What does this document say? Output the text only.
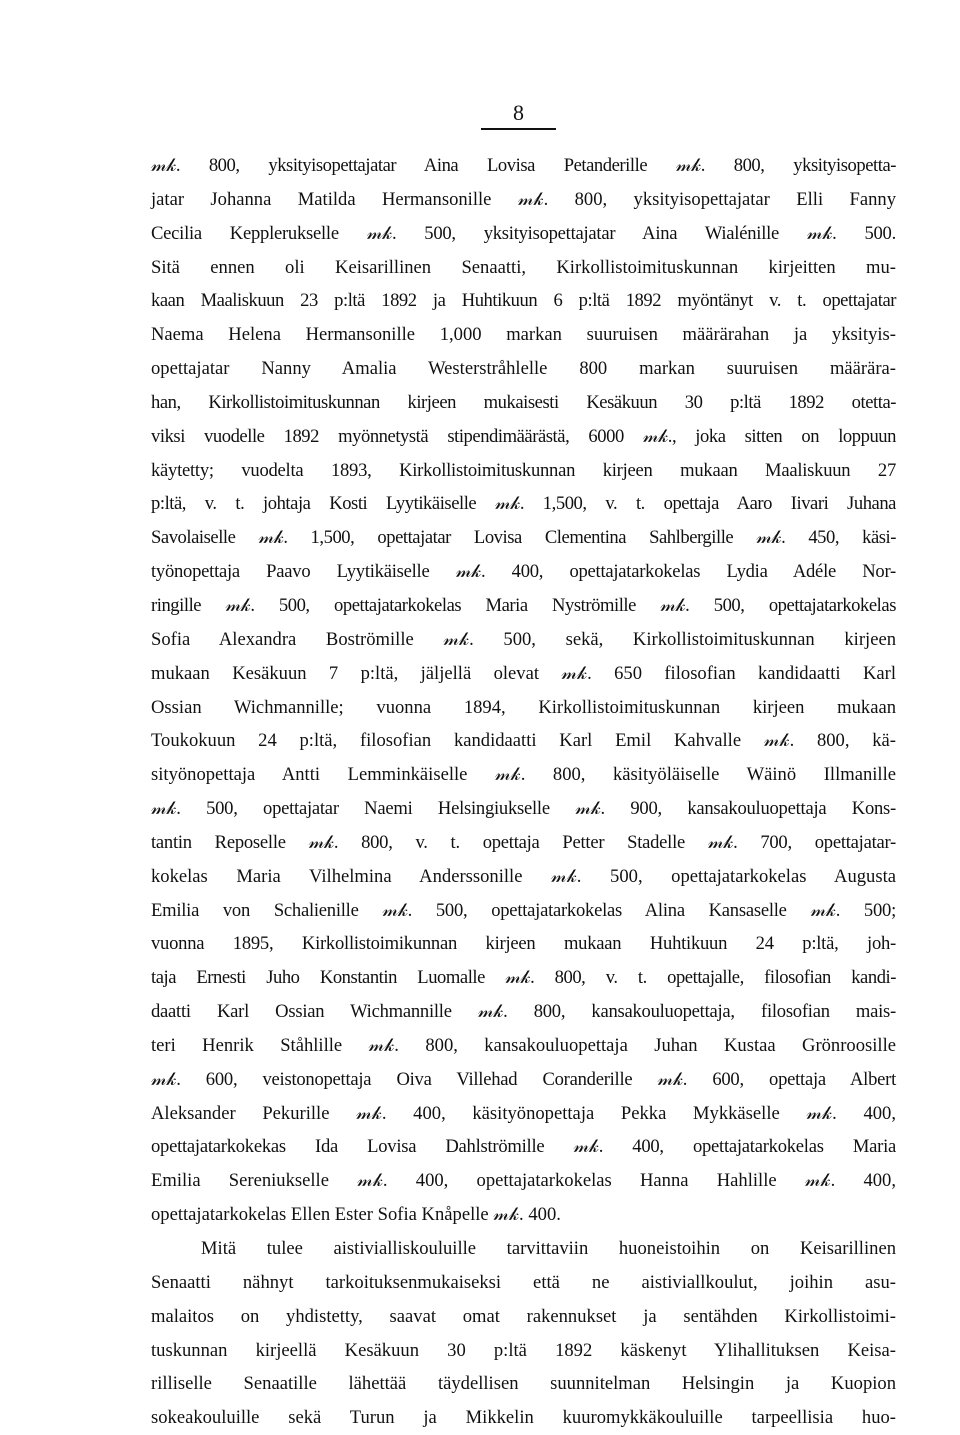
8
𝓂𝓀. 800, yksityisopettajatar Aina Lovisa Petanderille 𝓂𝓀. 800, yksityisopetta-
jatar Johanna Matilda Hermansonille 𝓂𝓀. 800, yksityisopettajatar Elli Fanny
Cecilia Kepplerukselle 𝓂𝓀. 500, yksityisopettajatar Aina Wialénille 𝓂𝓀. 500.
Sitä ennen oli Keisarillinen Senaatti, Kirkollistoimituskunnan kirjeitten mu-
kaan Maaliskuun 23 p:ltä 1892 ja Huhtikuun 6 p:ltä 1892 myöntänyt v. t. opettajatar
Naema Helena Hermansonille 1,000 markan suuruisen määrärahan ja yksityis-
opettajatar Nanny Amalia Westerstråhlelle 800 markan suuruisen määrära-
han, Kirkollistoimituskunnan kirjeen mukaisesti Kesäkuun 30 p:ltä 1892 otetta-
viksi vuodelle 1892 myönnetystä stipendimäärästä, 6000 𝓂𝓀., joka sitten on loppuun
käytetty; vuodelta 1893, Kirkollistoimituskunnan kirjeen mukaan Maaliskuun 27
p:ltä, v. t. johtaja Kosti Lyytikäiselle 𝓂𝓀. 1,500, v. t. opettaja Aaro Iivari Juhana
Savolaiselle 𝓂𝓀. 1,500, opettajatar Lovisa Clementina Sahlbergille 𝓂𝓀. 450, käsi-
työnopettaja Paavo Lyytikäiselle 𝓂𝓀. 400, opettajatarkokelas Lydia Adéle Nor-
ringille 𝓂𝓀. 500, opettajatarkokelas Maria Nyströmille 𝓂𝓀. 500, opettajatarkokelas
Sofia Alexandra Boströmille 𝓂𝓀. 500, sekä, Kirkollistoimituskunnan kirjeen
mukaan Kesäkuun 7 p:ltä, jäljellä olevat 𝓂𝓀. 650 filosofian kandidaatti Karl
Ossian Wichmannille; vuonna 1894, Kirkollistoimituskunnan kirjeen mukaan
Toukokuun 24 p:ltä, filosofian kandidaatti Karl Emil Kahvalle 𝓂𝓀. 800, kä-
sityönopettaja Antti Lemminkäiselle 𝓂𝓀. 800, käsityöläiselle Wäinö Illmanille
𝓂𝓀. 500, opettajatar Naemi Helsingiukselle 𝓂𝓀. 900, kansakouluopettaja Kons-
tantin Reposelle 𝓂𝓀. 800, v. t. opettaja Petter Stadelle 𝓂𝓀. 700, opettajatar-
kokelas Maria Vilhelmina Anderssonille 𝓂𝓀. 500, opettajatarkokelas Augusta
Emilia von Schalienille 𝓂𝓀. 500, opettajatarkokelas Alina Kansaselle 𝓂𝓀. 500;
vuonna 1895, Kirkollistoimikunnan kirjeen mukaan Huhtikuun 24 p:ltä, joh-
taja Ernesti Juho Konstantin Luomalle 𝓂𝓀. 800, v. t. opettajalle, filosofian kandi-
daatti Karl Ossian Wichmannille 𝓂𝓀. 800, kansakouluopettaja, filosofian mais-
teri Henrik Ståhlille 𝓂𝓀. 800, kansakouluopettaja Juhan Kustaa Grönroosille
𝓂𝓀. 600, veistonopettaja Oiva Villehad Coranderille 𝓂𝓀. 600, opettaja Albert
Aleksander Pekurille 𝓂𝓀. 400, käsityönopettaja Pekka Mykkäselle 𝓂𝓀. 400,
opettajatarkokekas Ida Lovisa Dahlströmille 𝓂𝓀. 400, opettajatarkokelas Maria
Emilia Sereniukselle 𝓂𝓀. 400, opettajatarkokelas Hanna Hahlille 𝓂𝓀. 400,
opettajatarkokelas Ellen Ester Sofia Knåpelle 𝓂𝓀. 400.
Mitä tulee aistivialliskouluille tarvittaviin huoneistoihin on Keisarillinen
Senaatti nähnyt tarkoituksenmukaiseksi että ne aistiviallkoulut, joihin asu-
malaitos on yhdistetty, saavat omat rakennukset ja sentähden Kirkollistoimi-
tuskunnan kirjeellä Kesäkuun 30 p:ltä 1892 käskenyt Ylihallituksen Keisa-
rilliselle Senaatille lähettää täydellisen suunnitelman Helsingin ja Kuopion
sokeakouluille sekä Turun ja Mikkelin kuuromykkäkouluille tarpeellisia huo-
